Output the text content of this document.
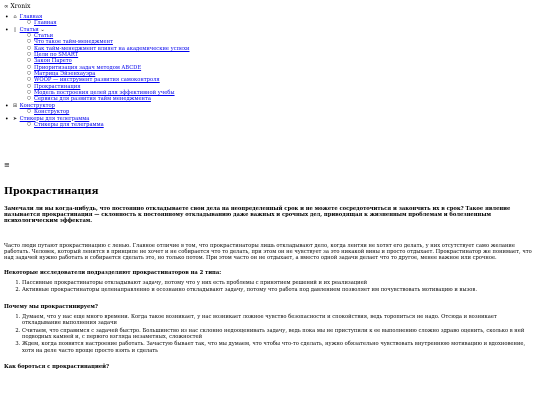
∞ Xronix
• ⌂ Главная
○ Главная
• ▯ Статьи ⌄
○ Статьи
○ Что такое тайм-менеджмент
○ Как тайм-менеджмент влияет на академические успехи
○ Цели по SMART
○ Закон Парето
○ Приоритизация задач методом ABCDE
○ Матрица Эйзенхауэра
○ WOOP — инструмент развития самоконтроля
○ Прокрастинация
○ Модель построения целей для эффективной учебы
○ Сервисы для развития тайм менеджмента
• ⊞ Конструктор
○ Конструктор
• ➤ Стикеры для телеграмма
○ Стикеры для телеграмма
≡
Прокрастинация

Замечали ли вы когда-нибудь, что постоянно откладываете свои дела на неопределенный срок и не можете сосредоточиться и закончить их в срок? Такое явление называется прокрастинация — склонность к постоянному откладыванию даже важных и срочных дел, приводящая к жизненным проблемам и болезненным психологическим эффектам.

Часто люди путают прокрастинацию с ленью. Главное отличие в том, что прокрастинаторы лишь откладывают дело, когда лентяи не хотят его делать, у них отсутствует само желание работать. Человек, который ленится в принципе не хочет и не собирается что то делать, при этом он не чувствует за это никакой вины и просто отдыхает. Прокрастинатор же понимает, что над задачей нужно работать и собирается сделать это, но только потом. При этом часто он не отдыхает, а вместо одной задачи делает что то другое, менее важное или срочное.

Некоторые исследователи подразделяют прокрастинаторов на 2 типа:

1. Пассивные прокрастинаторы откладывают задачу, потому что у них есть проблемы с принятием решений и их реализацией
2. Активные прокрастинаторы целенаправленно и осознанно откладывают задачу, потому что работа под давлением позволяет им почувствовать мотивацию и вызов.

Почему мы прокрастинируем?

1. Думаем, что у нас еще много времени. Когда такое возникает, у нас возникает ложное чувство безопасности и спокойствия, ведь торопиться не надо. Отсюда и возникает откладывание выполнения задачи
2. Считаем, что справимся с задачей быстро. Большинство из нас склонно недооценивать задачу, ведь пока мы не приступили к ее выполнению сложно здраво оценить, сколько в ней подводных камней и, с первого взгляда незаметных, сложностей
3. Ждем, когда появится настроение работать. Зачастую бывает так, что мы думаем, что чтобы что-то сделать, нужно обязательно чувствовать внутреннюю мотивацию и вдохновение, хотя на деле часто проще просто взять и сделать

Как бороться с прокрастинацией?
